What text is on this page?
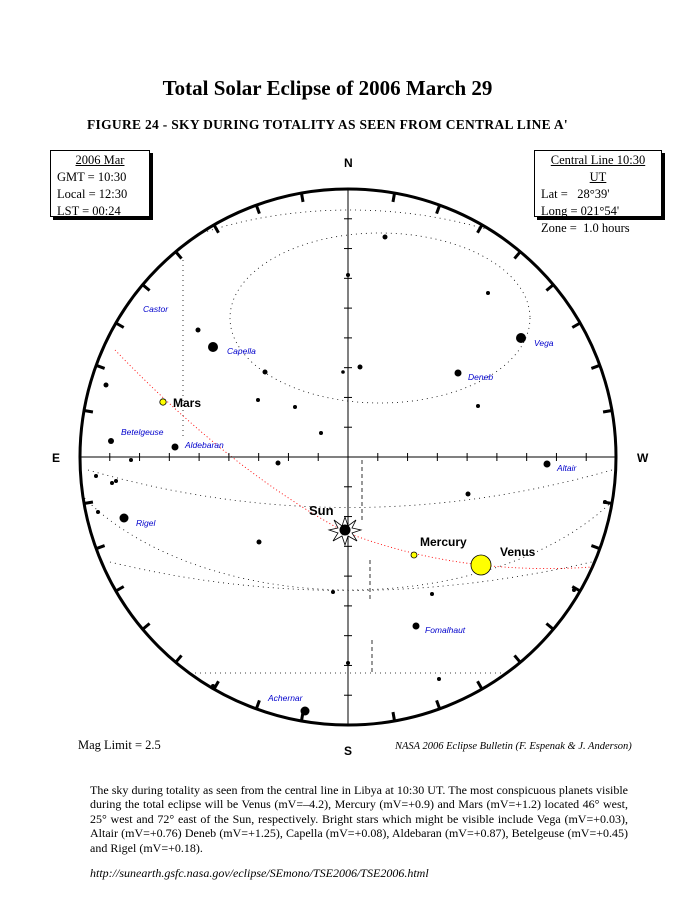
Total Solar Eclipse of 2006 March 29
FIGURE 24 - SKY DURING TOTALITY AS SEEN FROM CENTRAL LINE A'
2006 Mar
GMT = 10:30
Local = 12:30
LST = 00:24
Central Line 10:30 UT
Lat =   28°39'
Long = 021°54'
Zone =  1.0 hours
N
S
E	W
Castor
Capella
Vega
Deneb
Betelgeuse
Aldebaran
Altair
Rigel
Fomalhaut
Achernar
Sun
Mercury
Venus
Mars
Mag Limit = 2.5	NASA 2006 Eclipse Bulletin (F. Espenak & J. Anderson)
The sky during totality as seen from the central line in Libya at 10:30 UT. The most conspicuous planets visible during the total eclipse will be Venus (mV=–4.2), Mercury (mV=+0.9) and Mars (mV=+1.2) located 46° west, 25° west and 72° east of the Sun, respectively. Bright stars which might be visible include Vega (mV=+0.03), Altair (mV=+0.76) Deneb (mV=+1.25), Capella (mV=+0.08), Aldebaran (mV=+0.87), Betelgeuse (mV=+0.45) and Rigel (mV=+0.18).
http://sunearth.gsfc.nasa.gov/eclipse/SEmono/TSE2006/TSE2006.html
